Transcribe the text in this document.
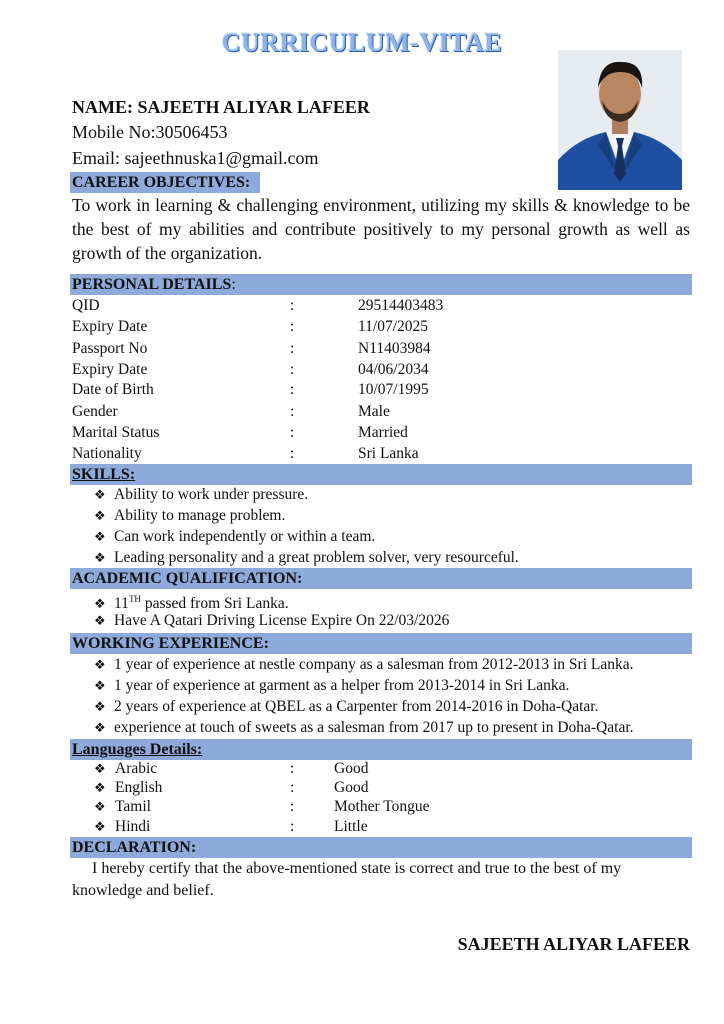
CURRICULUM-VITAE
NAME: SAJEETH ALIYAR LAFEER
Mobile No:30506453
Email: sajeethnuska1@gmail.com
CAREER OBJECTIVES:
To work in learning & challenging environment, utilizing my skills & knowledge to be the best of my abilities and contribute positively to my personal growth as well as growth of the organization.
PERSONAL DETAILS:
QID	:	29514403483
Expiry Date	:	11/07/2025
Passport No	:	N11403984
Expiry Date	:	04/06/2034
Date of Birth	:	10/07/1995
Gender	:	Male
Marital Status	:	Married
Nationality	:	Sri Lanka
SKILLS:
❖ Ability to work under pressure.
❖ Ability to manage problem.
❖ Can work independently or within a team.
❖ Leading personality and a great problem solver, very resourceful.
ACADEMIC QUALIFICATION:
❖ 11TH passed from Sri Lanka.
❖ Have A Qatari Driving License Expire On 22/03/2026
WORKING EXPERIENCE:
❖ 1 year of experience at nestle company as a salesman from 2012-2013 in Sri Lanka.
❖ 1 year of experience at garment as a helper from 2013-2014 in Sri Lanka.
❖ 2 years of experience at QBEL as a Carpenter from 2014-2016 in Doha-Qatar.
❖ experience at touch of sweets as a salesman from 2017 up to present in Doha-Qatar.
Languages Details:
❖ Arabic	:	Good
❖ English	:	Good
❖ Tamil	:	Mother Tongue
❖ Hindi	:	Little
DECLARATION:
I hereby certify that the above-mentioned state is correct and true to the best of my knowledge and belief.
SAJEETH ALIYAR LAFEER
